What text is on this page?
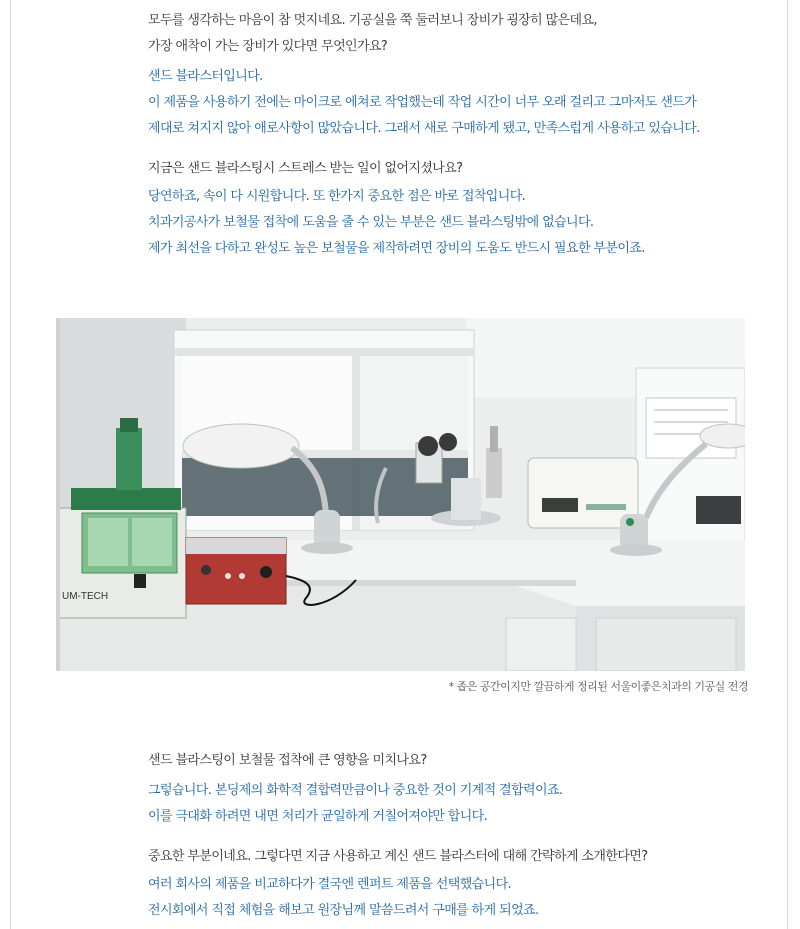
모두를 생각하는 마음이 참 멋지네요. 기공실을 쭉 둘러보니 장비가 굉장히 많은데요,

가장 애착이 가는 장비가 있다면 무엇인가요?

샌드 블라스터입니다.

이 제품을 사용하기 전에는 마이크로 에쳐로 작업했는데 작업 시간이 너무 오래 걸리고 그마저도 샌드가

제대로 쳐지지 않아 애로사항이 많았습니다. 그래서 새로 구매하게 됐고, 만족스럽게 사용하고 있습니다.

지금은 샌드 블라스팅시 스트레스 받는 일이 없어지셨나요?

당연하죠, 속이 다 시원합니다. 또 한가지 중요한 점은 바로 접착입니다.

치과기공사가 보철물 접착에 도움을 줄 수 있는 부분은 샌드 블라스팅밖에 없습니다.

제가 최선을 다하고 완성도 높은 보철물을 제작하려면 장비의 도움도 반드시 필요한 부분이죠.

UM-TECH
* 좁은 공간이지만 깔끔하게 정리된 서울이좋은치과의 기공실 전경

샌드 블라스팅이 보철물 접착에 큰 영향을 미치나요?

그렇습니다. 본딩제의 화학적 결합력만큼이나 중요한 것이 기계적 결합력이죠.

이를 극대화 하려면 내면 처리가 균일하게 거칠어져야만 합니다.

중요한 부분이네요. 그렇다면 지금 사용하고 계신 샌드 블라스터에 대해 간략하게 소개한다면?

여러 회사의 제품을 비교하다가 결국엔 렌퍼트 제품을 선택했습니다.

전시회에서 직접 체험을 해보고 원장님께 말씀드려서 구매를 하게 되었죠.
